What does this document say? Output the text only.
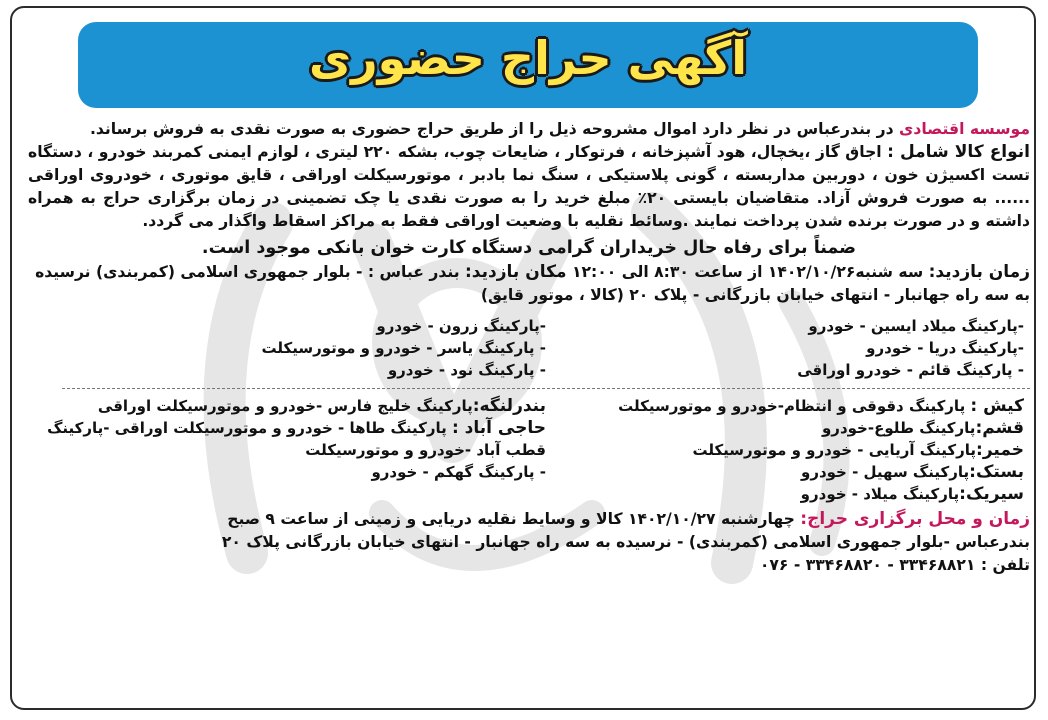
آگهی حراج حضوری

موسسه اقتصادی در بندرعباس در نظر دارد اموال مشروحه ذیل را از طریق حراج حضوری به صورت نقدی به فروش برساند.

انواع کالا شامل : اجاق گاز ،یخچال، هود آشپزخانه ، فرتوکار ، ضایعات چوب، بشکه ۲۲۰ لیتری ، لوازم ایمنی کمربند خودرو ، دستگاه تست اکسیژن خون ، دوربین مداربسته ، گونی پلاستیکی ، سنگ نما بادبر ، موتورسیکلت اوراقی ، قایق موتوری ، خودروی اوراقی ...... به صورت فروش آزاد. متقاضیان بایستی ۲۰٪ مبلغ خرید را به صورت نقدی یا چک تضمینی در زمان برگزاری حراج به همراه داشته و در صورت برنده شدن پرداخت نمایند .وسائط نقلیه با وضعیت اوراقی فقط به مراکز اسقاط واگذار می گردد.

ضمناً برای رفاه حال خریداران گرامی دستگاه کارت خوان بانکی موجود است.

زمان بازدید: سه شنبه۱۴۰۲/۱۰/۲۶ از ساعت ۸:۳۰ الی ۱۲:۰۰ مکان بازدید: بندر عباس : - بلوار جمهوری اسلامی (کمربندی) نرسیده به سه راه جهانبار - انتهای خیابان بازرگانی - پلاک ۲۰ (کالا ، موتور قایق)

-پارکینگ میلاد ایسین - خودرو
-پارکینگ دریا - خودرو
- پارکینگ قائم - خودرو اوراقی
-پارکینگ زرون - خودرو
- پارکینگ یاسر - خودرو و موتورسیکلت
- پارکینگ نود - خودرو
کیش : پارکینگ دقوقی و انتظام-خودرو و موتورسیکلت
قشم:پارکینگ طلوع-خودرو
خمیر:پارکینگ آریایی - خودرو و موتورسیکلت
بستک:پارکینگ سهیل - خودرو
سیریک:پارکینگ میلاد - خودرو
بندرلنگه:پارکینگ خلیج فارس -خودرو و موتورسیکلت اوراقی
حاجی آباد : پارکینگ طاها - خودرو و موتورسیکلت اوراقی -پارکینگ
قطب آباد -خودرو و موتورسیکلت
- پارکینگ گهکم - خودرو

زمان و محل برگزاری حراج: چهارشنبه ۱۴۰۲/۱۰/۲۷ کالا و وسایط نقلیه دریایی و زمینی از ساعت ۹ صبح

بندرعباس -بلوار جمهوری اسلامی (کمربندی) - نرسیده به سه راه جهانبار - انتهای خیابان بازرگانی پلاک ۲۰

تلفن : ۳۳۴۶۸۸۲۱ - ۳۳۴۶۸۸۲۰ - ۰۷۶
